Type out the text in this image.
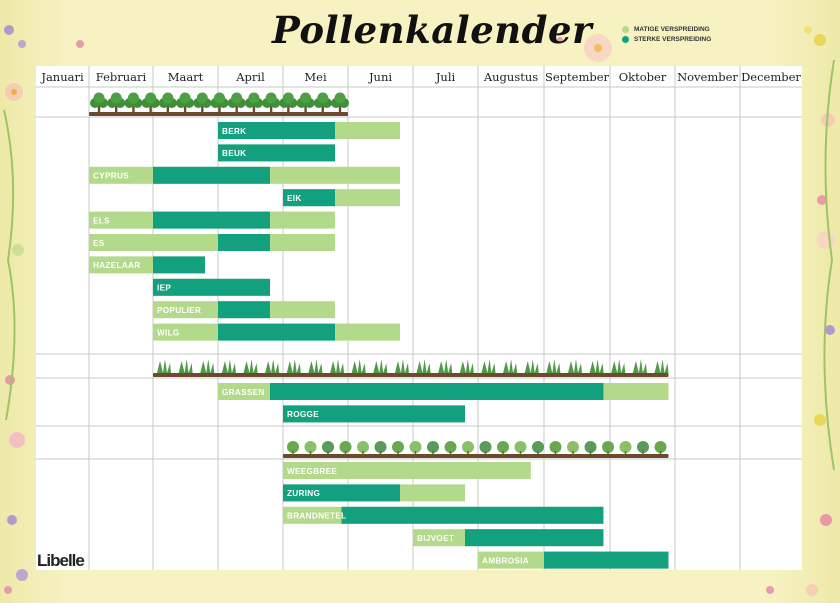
Pollenkalender	MATIGE VERSPREIDING
STERKE VERSPREIDING
Januari Februari Maart	April	Mei	Juni	Juli Augustus September Oktober November December
BERK
BEUK
CYPRUS
EIK
ELS
ES
HAZELAAR
IEP
POPULIER
WILG
GRASSEN
ROGGE
WEEGBREE
ZURING
BRANDNETEL
BIJVOET
AMBROSIA
Libelle
